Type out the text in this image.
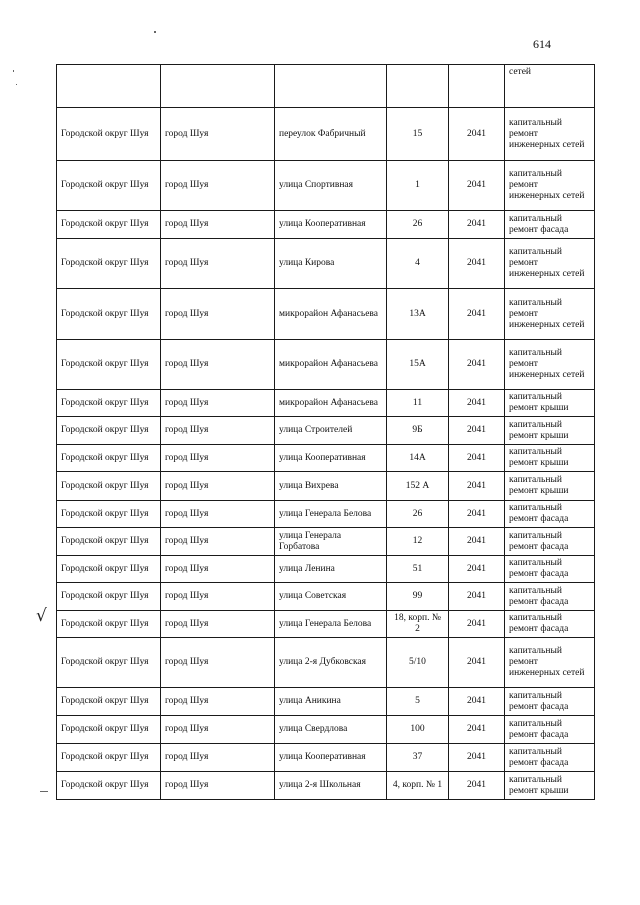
614
√
					сетей
Городской округ Шуя	город Шуя	переулок Фабричный	15	2041	капитальный ремонт инженерных сетей
Городской округ Шуя	город Шуя	улица Спортивная	1	2041	капитальный ремонт инженерных сетей
Городской округ Шуя	город Шуя	улица Кооперативная	26	2041	капитальный ремонт фасада
Городской округ Шуя	город Шуя	улица Кирова	4	2041	капитальный ремонт инженерных сетей
Городской округ Шуя	город Шуя	микрорайон Афанасьева	13А	2041	капитальный ремонт инженерных сетей
Городской округ Шуя	город Шуя	микрорайон Афанасьева	15А	2041	капитальный ремонт инженерных сетей
Городской округ Шуя	город Шуя	микрорайон Афанасьева	11	2041	капитальный ремонт крыши
Городской округ Шуя	город Шуя	улица Строителей	9Б	2041	капитальный ремонт крыши
Городской округ Шуя	город Шуя	улица Кооперативная	14А	2041	капитальный ремонт крыши
Городской округ Шуя	город Шуя	улица Вихрева	152 А	2041	капитальный ремонт крыши
Городской округ Шуя	город Шуя	улица Генерала Белова	26	2041	капитальный ремонт фасада
Городской округ Шуя	город Шуя	улица Генерала Горбатова	12	2041	капитальный ремонт фасада
Городской округ Шуя	город Шуя	улица Ленина	51	2041	капитальный ремонт фасада
Городской округ Шуя	город Шуя	улица Советская	99	2041	капитальный ремонт фасада
Городской округ Шуя	город Шуя	улица Генерала Белова	18, корп. № 2	2041	капитальный ремонт фасада
Городской округ Шуя	город Шуя	улица 2-я Дубковская	5/10	2041	капитальный ремонт инженерных сетей
Городской округ Шуя	город Шуя	улица Аникина	5	2041	капитальный ремонт фасада
Городской округ Шуя	город Шуя	улица Свердлова	100	2041	капитальный ремонт фасада
Городской округ Шуя	город Шуя	улица Кооперативная	37	2041	капитальный ремонт фасада
Городской округ Шуя	город Шуя	улица 2-я Школьная	4, корп. № 1	2041	капитальный ремонт крыши
